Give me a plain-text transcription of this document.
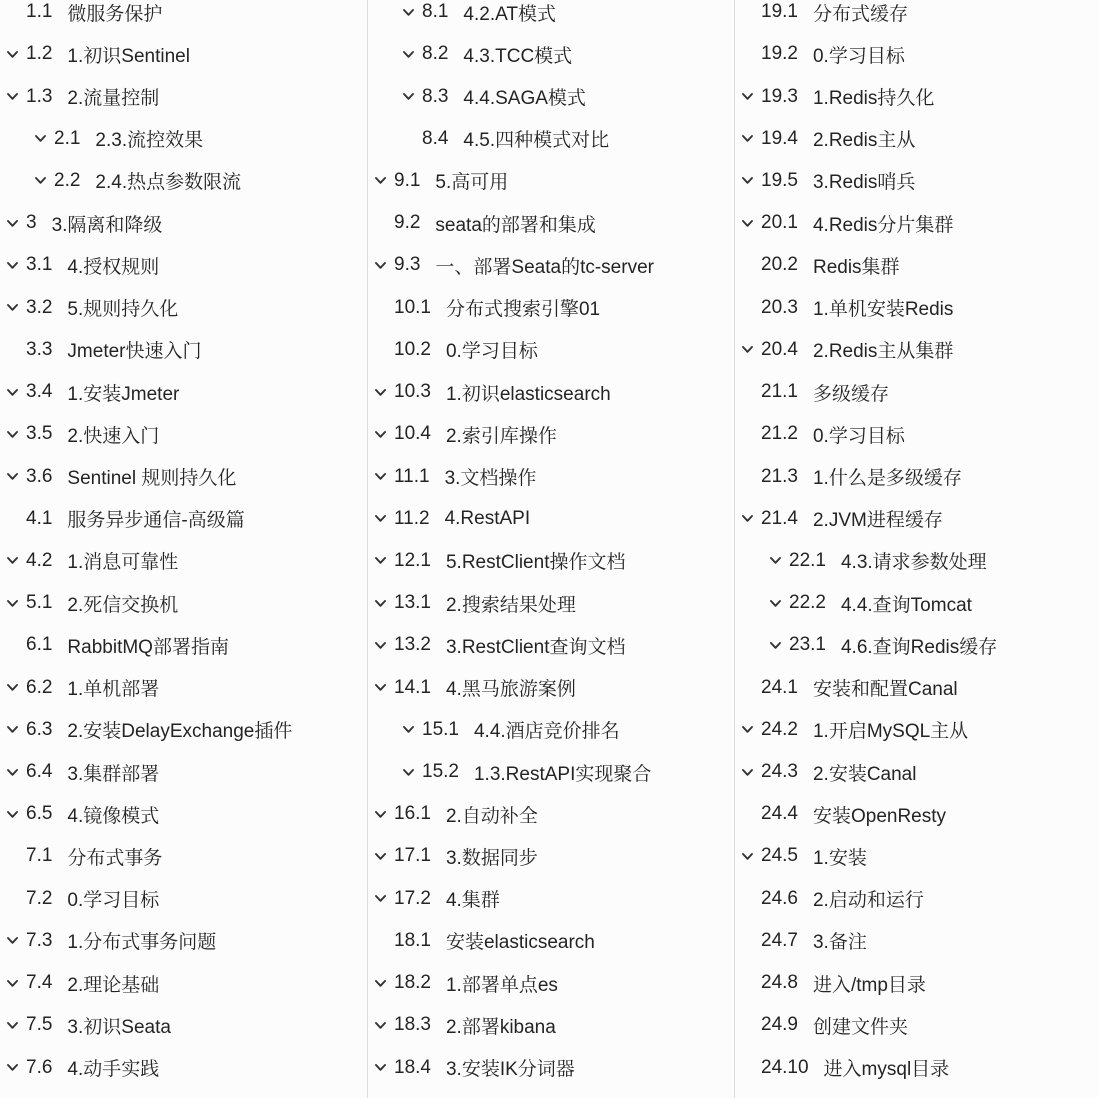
1.1 微服务保护
1.2 1.初识Sentinel
1.3 2.流量控制
2.1 2.3.流控效果
2.2 2.4.热点参数限流
3 3.隔离和降级
3.1 4.授权规则
3.2 5.规则持久化
3.3 Jmeter快速入门
3.4 1.安装Jmeter
3.5 2.快速入门
3.6 Sentinel 规则持久化
4.1 服务异步通信-高级篇
4.2 1.消息可靠性
5.1 2.死信交换机
6.1 RabbitMQ部署指南
6.2 1.单机部署
6.3 2.安装DelayExchange插件
6.4 3.集群部署
6.5 4.镜像模式
7.1 分布式事务
7.2 0.学习目标
7.3 1.分布式事务问题
7.4 2.理论基础
7.5 3.初识Seata
7.6 4.动手实践
8.1 4.2.AT模式
8.2 4.3.TCC模式
8.3 4.4.SAGA模式
8.4 4.5.四种模式对比
9.1 5.高可用
9.2 seata的部署和集成
9.3 一、部署Seata的tc-server
10.1 分布式搜索引擎01
10.2 0.学习目标
10.3 1.初识elasticsearch
10.4 2.索引库操作
11.1 3.文档操作
11.2 4.RestAPI
12.1 5.RestClient操作文档
13.1 2.搜索结果处理
13.2 3.RestClient查询文档
14.1 4.黑马旅游案例
15.1 4.4.酒店竞价排名
15.2 1.3.RestAPI实现聚合
16.1 2.自动补全
17.1 3.数据同步
17.2 4.集群
18.1 安装elasticsearch
18.2 1.部署单点es
18.3 2.部署kibana
18.4 3.安装IK分词器
19.1 分布式缓存
19.2 0.学习目标
19.3 1.Redis持久化
19.4 2.Redis主从
19.5 3.Redis哨兵
20.1 4.Redis分片集群
20.2 Redis集群
20.3 1.单机安装Redis
20.4 2.Redis主从集群
21.1 多级缓存
21.2 0.学习目标
21.3 1.什么是多级缓存
21.4 2.JVM进程缓存
22.1 4.3.请求参数处理
22.2 4.4.查询Tomcat
23.1 4.6.查询Redis缓存
24.1 安装和配置Canal
24.2 1.开启MySQL主从
24.3 2.安装Canal
24.4 安装OpenResty
24.5 1.安装
24.6 2.启动和运行
24.7 3.备注
24.8 进入/tmp目录
24.9 创建文件夹
24.10 进入mysql目录
